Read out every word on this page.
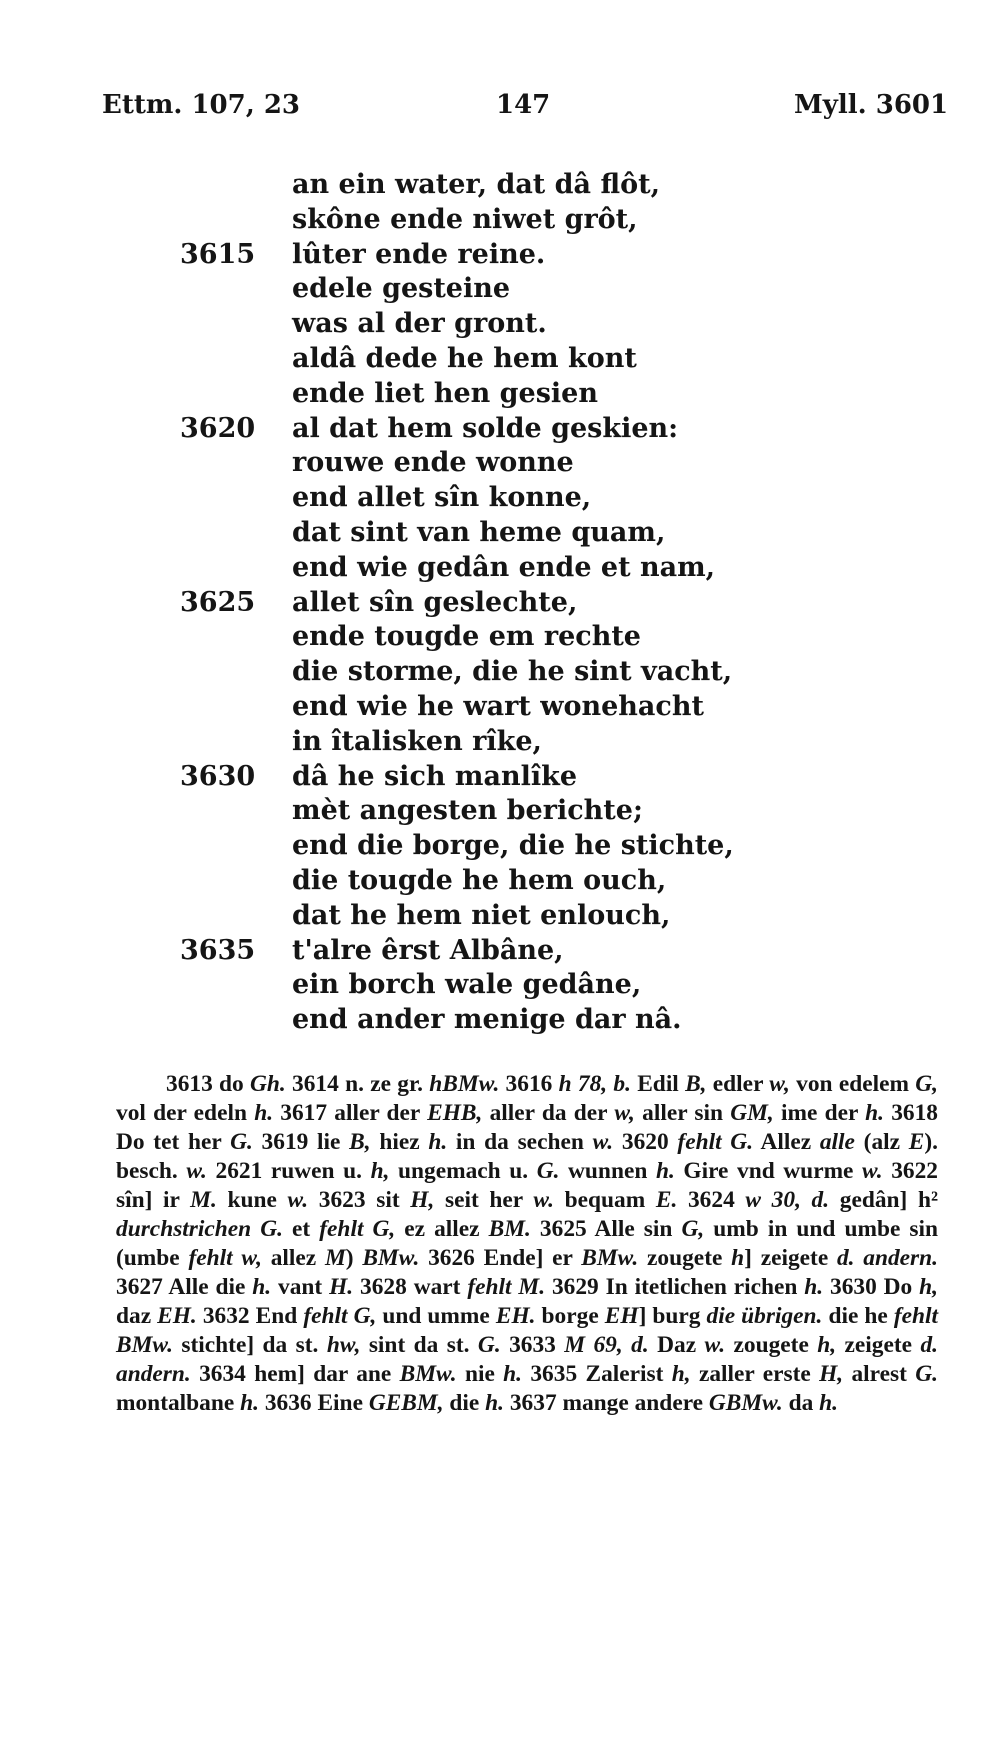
Ettm. 107, 23	147	Myll. 3601
an ein water, dat dâ flôt,
skône ende niwet grôt,
3615 lûter ende reine.
edele gesteine
was al der gront.
aldâ dede he hem kont
ende liet hen gesien
3620 al dat hem solde geskien:
rouwe ende wonne
end allet sîn konne,
dat sint van heme quam,
end wie gedân ende et nam,
3625 allet sîn geslechte,
ende tougde em rechte
die storme, die he sint vacht,
end wie he wart wonehacht
in îtalisken rîke,
3630 dâ he sich manlîke
mèt angesten berichte;
end die borge, die he stichte,
die tougde he hem ouch,
dat he hem niet enlouch,
3635 t'alre êrst Albâne,
ein borch wale gedâne,
end ander menige dar nâ.
3613 do Gh. 3614 n. ze gr. hBMw. 3616 h 78, b. Edil B, edler w, von edelem G, vol der edeln h. 3617 aller der EHB, aller da der w, aller sin GM, ime der h. 3618 Do tet her G. 3619 lie B, hiez h. in da sechen w. 3620 fehlt G. Allez alle (alz E). besch. w. 2621 ruwen u. h, ungemach u. G. wunnen h. Gire vnd wurme w. 3622 sîn] ir M. kune w. 3623 sit H, seit her w. bequam E. 3624 w 30, d. gedân] h² durchstrichen G. et fehlt G, ez allez BM. 3625 Alle sin G, umb in und umbe sin (umbe fehlt w, allez M) BMw. 3626 Ende] er BMw. zougete h] zeigete d. andern. 3627 Alle die h. vant H. 3628 wart fehlt M. 3629 In itetlichen richen h. 3630 Do h, daz EH. 3632 End fehlt G, und umme EH. borge EH] burg die übrigen. die he fehlt BMw. stichte] da st. hw, sint da st. G. 3633 M 69, d. Daz w. zougete h, zeigete d. andern. 3634 hem] dar ane BMw. nie h. 3635 Zalerist h, zaller erste H, alrest G. montalbane h. 3636 Eine GEBM, die h. 3637 mange andere GBMw. da h.
